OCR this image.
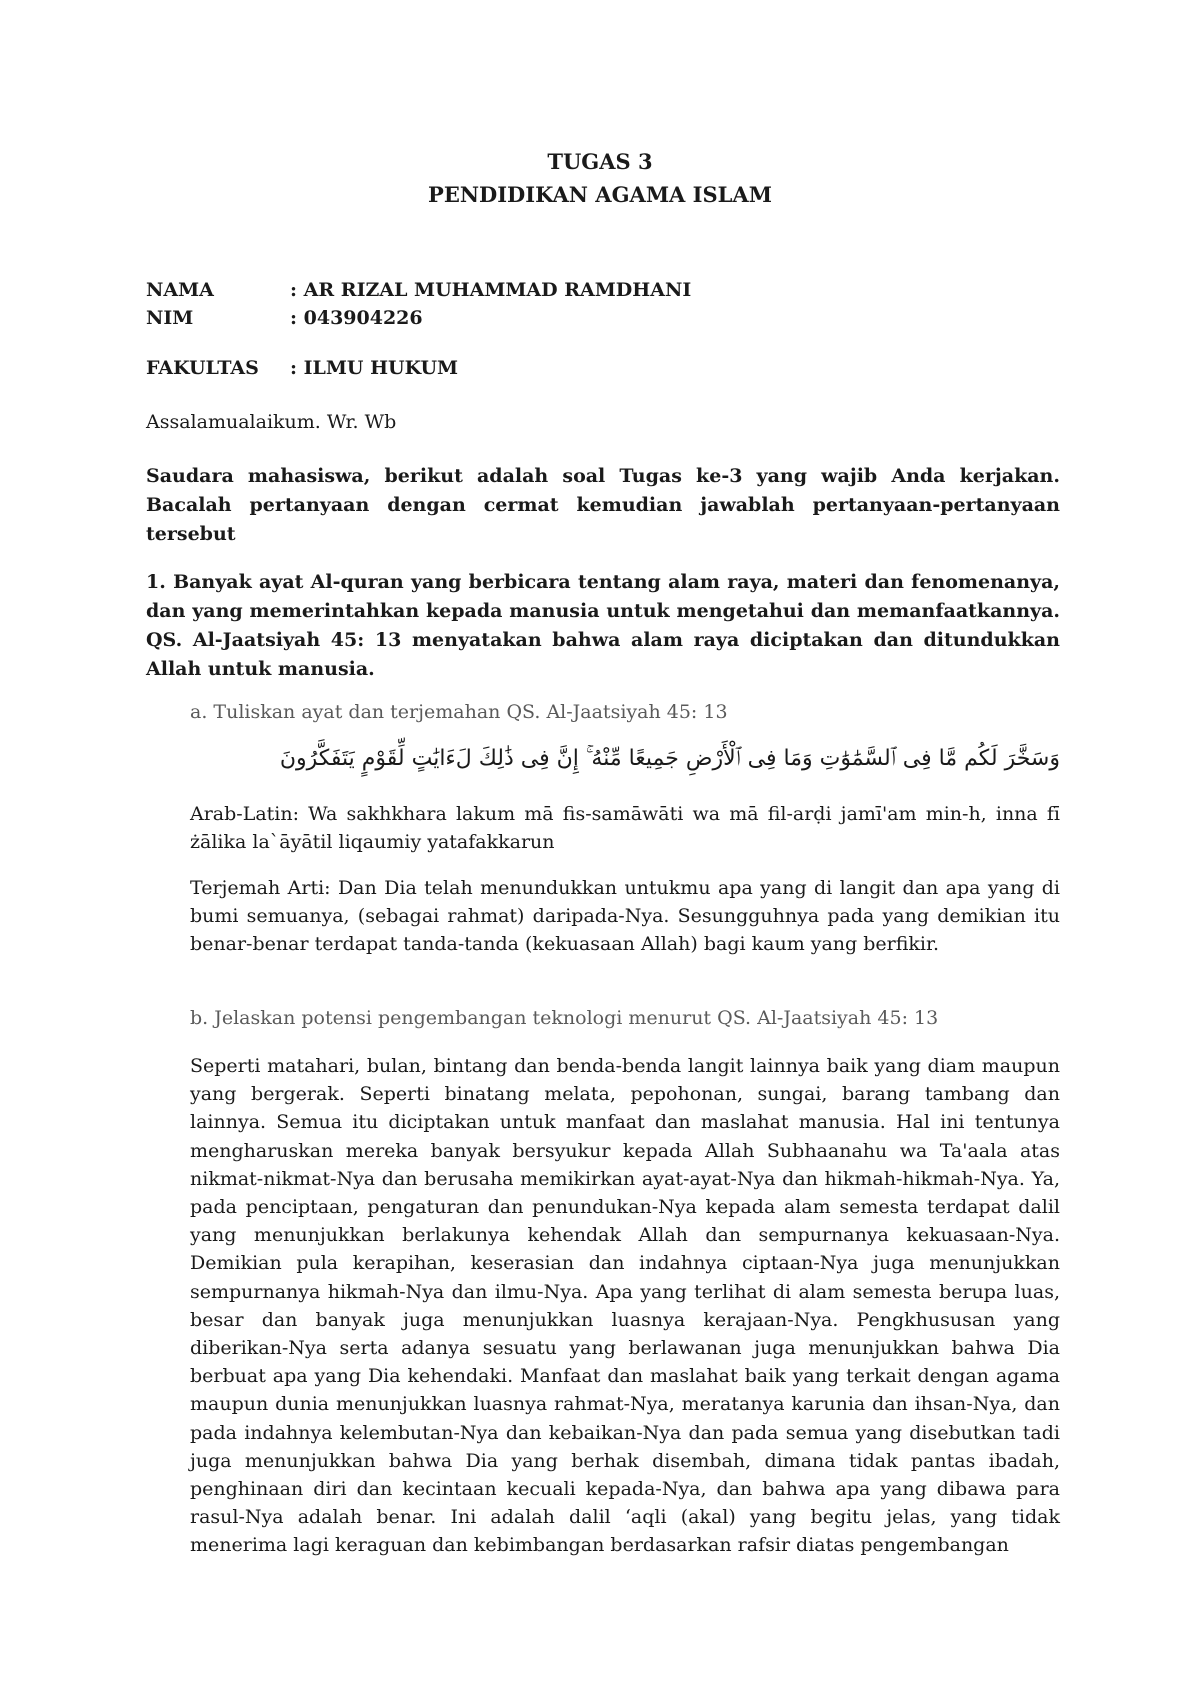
TUGAS 3
PENDIDIKAN AGAMA ISLAM
NAMA	: AR RIZAL MUHAMMAD RAMDHANI
NIM	: 043904226
FAKULTAS : ILMU HUKUM
Assalamualaikum. Wr. Wb
Saudara mahasiswa, berikut adalah soal Tugas ke-3 yang wajib Anda kerjakan. Bacalah pertanyaan dengan cermat kemudian jawablah pertanyaan-pertanyaan tersebut
1. Banyak ayat Al-quran yang berbicara tentang alam raya, materi dan fenomenanya, dan yang memerintahkan kepada manusia untuk mengetahui dan memanfaatkannya. QS. Al-Jaatsiyah 45: 13 menyatakan bahwa alam raya diciptakan dan ditundukkan Allah untuk manusia.
a. Tuliskan ayat dan terjemahan QS. Al-Jaatsiyah 45: 13
وَسَخَّرَ لَكُم مَّا فِى ٱلسَّمَٰوَٰتِ وَمَا فِى ٱلْأَرْضِ جَمِيعًا مِّنْهُ ۚ إِنَّ فِى ذَٰلِكَ لَءَايَٰتٍ لِّقَوْمٍ يَتَفَكَّرُونَ
Arab-Latin: Wa sakhkhara lakum mā fis-samāwāti wa mā fil-arḍi jamī'am min-h, inna fī żālika la`āyātil liqaumiy yatafakkarun
Terjemah Arti: Dan Dia telah menundukkan untukmu apa yang di langit dan apa yang di bumi semuanya, (sebagai rahmat) daripada-Nya. Sesungguhnya pada yang demikian itu benar-benar terdapat tanda-tanda (kekuasaan Allah) bagi kaum yang berfikir.
b. Jelaskan potensi pengembangan teknologi menurut QS. Al-Jaatsiyah 45: 13
Seperti matahari, bulan, bintang dan benda-benda langit lainnya baik yang diam maupun yang bergerak. Seperti binatang melata, pepohonan, sungai, barang tambang dan lainnya. Semua itu diciptakan untuk manfaat dan maslahat manusia. Hal ini tentunya mengharuskan mereka banyak bersyukur kepada Allah Subhaanahu wa Ta'aala atas nikmat-nikmat-Nya dan berusaha memikirkan ayat-ayat-Nya dan hikmah-hikmah-Nya. Ya, pada penciptaan, pengaturan dan penundukan-Nya kepada alam semesta terdapat dalil yang menunjukkan berlakunya kehendak Allah dan sempurnanya kekuasaan-Nya. Demikian pula kerapihan, keserasian dan indahnya ciptaan-Nya juga menunjukkan sempurnanya hikmah-Nya dan ilmu-Nya. Apa yang terlihat di alam semesta berupa luas, besar dan banyak juga menunjukkan luasnya kerajaan-Nya. Pengkhususan yang diberikan-Nya serta adanya sesuatu yang berlawanan juga menunjukkan bahwa Dia berbuat apa yang Dia kehendaki. Manfaat dan maslahat baik yang terkait dengan agama maupun dunia menunjukkan luasnya rahmat-Nya, meratanya karunia dan ihsan-Nya, dan pada indahnya kelembutan-Nya dan kebaikan-Nya dan pada semua yang disebutkan tadi juga menunjukkan bahwa Dia yang berhak disembah, dimana tidak pantas ibadah, penghinaan diri dan kecintaan kecuali kepada-Nya, dan bahwa apa yang dibawa para rasul-Nya adalah benar. Ini adalah dalil ‘aqli (akal) yang begitu jelas, yang tidak menerima lagi keraguan dan kebimbangan berdasarkan rafsir diatas pengembangan
